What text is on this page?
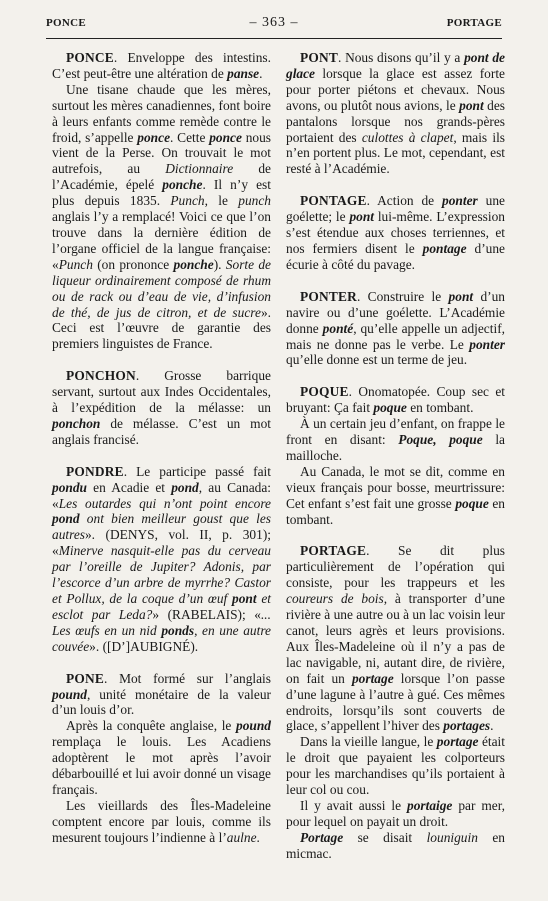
PONCE	– 363 –	PORTAGE

PONCE. Enveloppe des intestins. C’est peut-être une altération de panse.

Une tisane chaude que les mères, surtout les mères canadiennes, font boire à leurs enfants comme remède contre le froid, s’appelle ponce. Cette ponce nous vient de la Perse. On trouvait le mot autrefois, au Dictionnaire de l’Académie, épelé ponche. Il n’y est plus depuis 1835. Punch, le punch anglais l’y a remplacé! Voici ce que l’on trouve dans la dernière édition de l’organe officiel de la langue française: «Punch (on prononce ponche). Sorte de liqueur ordinairement composé de rhum ou de rack ou d’eau de vie, d’infusion de thé, de jus de citron, et de sucre». Ceci est l’œuvre de garantie des premiers linguistes de France.

PONCHON. Grosse barrique servant, surtout aux Indes Occidentales, à l’expédition de la mélasse: un ponchon de mélasse. C’est un mot anglais francisé.

PONDRE. Le participe passé fait pondu en Acadie et pond, au Canada: «Les outardes qui n’ont point encore pond ont bien meilleur goust que les autres». (DENYS, vol. II, p. 301); «Minerve nasquit-elle pas du cerveau par l’oreille de Jupiter? Adonis, par l’escorce d’un arbre de myrrhe? Castor et Pollux, de la coque d’un œuf pont et esclot par Leda?» (RABELAIS); «... Les œufs en un nid ponds, en une autre couvée». ([D’]AUBIGNÉ).

PONE. Mot formé sur l’anglais pound, unité monétaire de la valeur d’un louis d’or.

Après la conquête anglaise, le pound remplaça le louis. Les Acadiens adoptèrent le mot après l’avoir débarbouillé et lui avoir donné un visage français.

Les vieillards des Îles-Madeleine comptent encore par louis, comme ils mesurent toujours l’indienne à l’aulne.

PONT. Nous disons qu’il y a pont de glace lorsque la glace est assez forte pour porter piétons et chevaux. Nous avons, ou plutôt nous avions, le pont des pantalons lorsque nos grands-pères portaient des culottes à clapet, mais ils n’en portent plus. Le mot, cependant, est resté à l’Académie.

PONTAGE. Action de ponter une goélette; le pont lui-même. L’expression s’est étendue aux choses terriennes, et nos fermiers disent le pontage d’une écurie à côté du pavage.

PONTER. Construire le pont d’un navire ou d’une goélette. L’Académie donne ponté, qu’elle appelle un adjectif, mais ne donne pas le verbe. Le ponter qu’elle donne est un terme de jeu.

POQUE. Onomatopée. Coup sec et bruyant: Ça fait poque en tombant.

À un certain jeu d’enfant, on frappe le front en disant: Poque, poque la mailloche.

Au Canada, le mot se dit, comme en vieux français pour bosse, meurtrissure: Cet enfant s’est fait une grosse poque en tombant.

PORTAGE. Se dit plus particulièrement de l’opération qui consiste, pour les trappeurs et les coureurs de bois, à transporter d’une rivière à une autre ou à un lac voisin leur canot, leurs agrès et leurs provisions. Aux Îles-Madeleine où il n’y a pas de lac navigable, ni, autant dire, de rivière, on fait un portage lorsque l’on passe d’une lagune à l’autre à gué. Ces mêmes endroits, lorsqu’ils sont couverts de glace, s’appellent l’hiver des portages.

Dans la vieille langue, le portage était le droit que payaient les colporteurs pour les marchandises qu’ils portaient à leur col ou cou.

Il y avait aussi le portaige par mer, pour lequel on payait un droit.

Portage se disait louniguin en micmac.
